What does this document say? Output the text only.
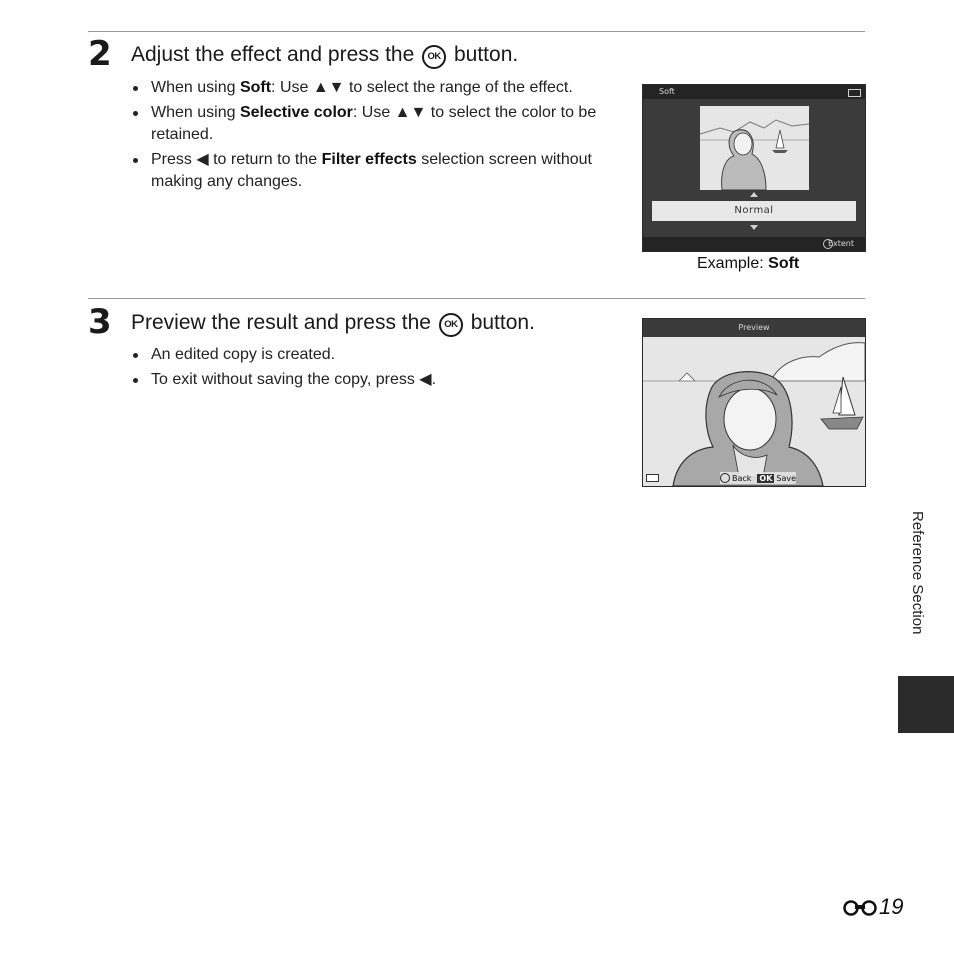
2 Adjust the effect and press the OK button.
When using Soft: Use ▲▼ to select the range of the effect.
When using Selective color: Use ▲▼ to select the color to be retained.
Press ◀ to return to the Filter effects selection screen without making any changes.
Soft
Normal
Extent
Example: Soft
3 Preview the result and press the OK button.
An edited copy is created.
To exit without saving the copy, press ◀.
Preview
Back OK Save
Reference Section
19
